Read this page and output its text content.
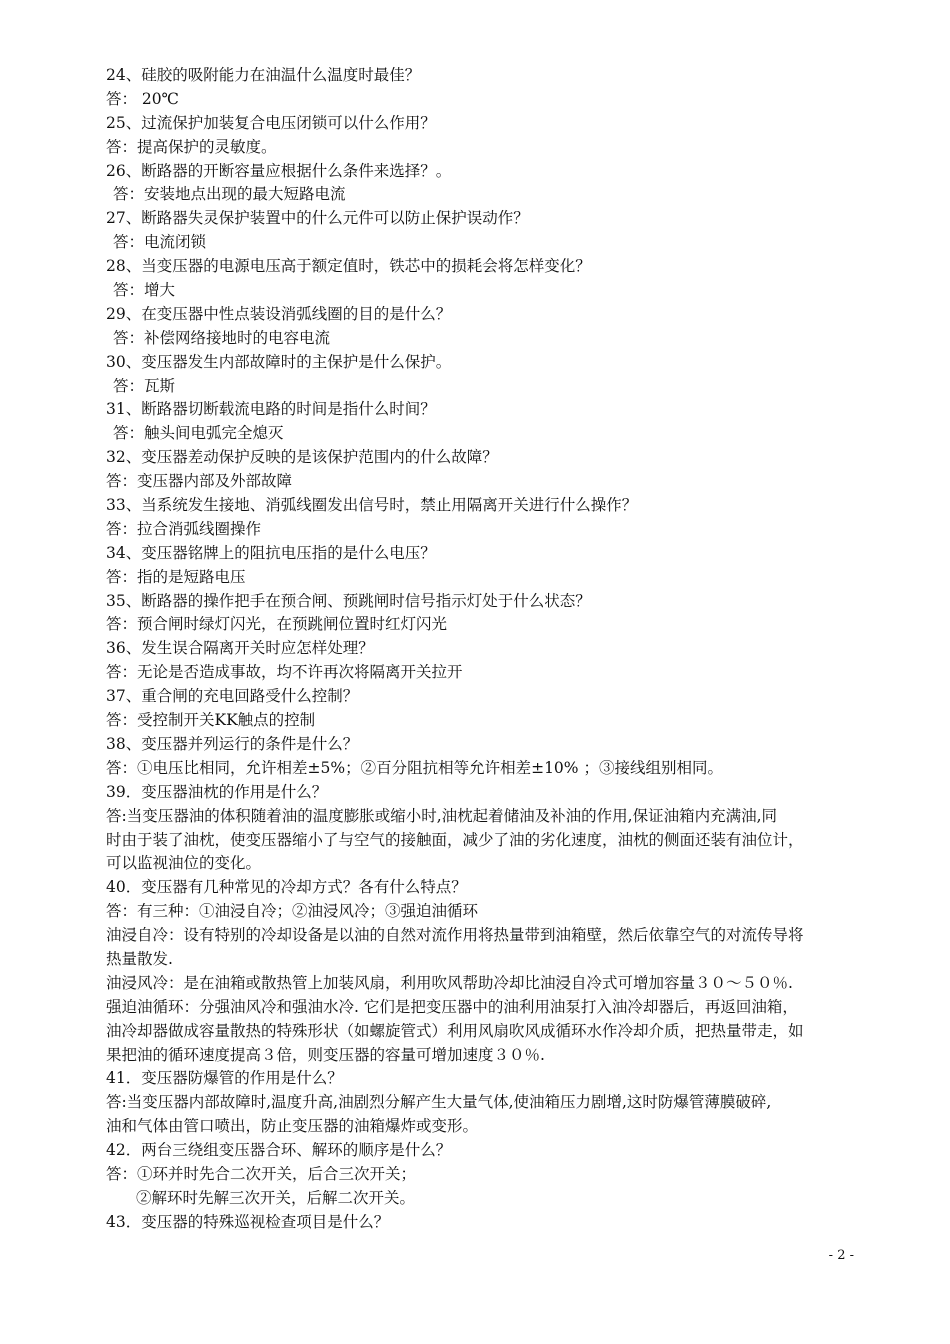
24、硅胶的吸附能力在油温什么温度时最佳？
答： 20℃
25、过流保护加装复合电压闭锁可以什么作用？
答：提高保护的灵敏度。
26、断路器的开断容量应根据什么条件来选择？。
答：安装地点出现的最大短路电流
27、断路器失灵保护装置中的什么元件可以防止保护误动作？
答：电流闭锁
28、当变压器的电源电压高于额定值时，铁芯中的损耗会将怎样变化？
答：增大
29、在变压器中性点装设消弧线圈的目的是什么？
答：补偿网络接地时的电容电流
30、变压器发生内部故障时的主保护是什么保护。
答：瓦斯
31、断路器切断载流电路的时间是指什么时间？
答：触头间电弧完全熄灭
32、变压器差动保护反映的是该保护范围内的什么故障？
答：变压器内部及外部故障
33、当系统发生接地、消弧线圈发出信号时，禁止用隔离开关进行什么操作？
答：拉合消弧线圈操作
34、变压器铭牌上的阻抗电压指的是什么电压？
答：指的是短路电压
35、断路器的操作把手在预合闸、预跳闸时信号指示灯处于什么状态？
答：预合闸时绿灯闪光，在预跳闸位置时红灯闪光
36、发生误合隔离开关时应怎样处理？
答：无论是否造成事故，均不许再次将隔离开关拉开
37、重合闸的充电回路受什么控制？
答：受控制开关KK触点的控制
38、变压器并列运行的条件是什么？
答：①电压比相同，允许相差±5%；②百分阻抗相等允许相差±10% ；③接线组别相同。
39．变压器油枕的作用是什么？
答:当变压器油的体积随着油的温度膨胀或缩小时,油枕起着储油及补油的作用,保证油箱内充满油,同
时由于装了油枕，使变压器缩小了与空气的接触面，减少了油的劣化速度，油枕的侧面还装有油位计，
可以监视油位的变化。
40．变压器有几种常见的冷却方式？各有什么特点？
答：有三种：①油浸自冷；②油浸风冷；③强迫油循环
油浸自冷：设有特别的冷却设备是以油的自然对流作用将热量带到油箱壁，然后依靠空气的对流传导将
热量散发.
油浸风冷：是在油箱或散热管上加装风扇，利用吹风帮助冷却比油浸自冷式可增加容量３０～５０％.
强迫油循环：分强油风冷和强油水冷. 它们是把变压器中的油利用油泵打入油冷却器后，再返回油箱，
油冷却器做成容量散热的特殊形状（如螺旋管式）利用风扇吹风成循环水作冷却介质，把热量带走，如
果把油的循环速度提高３倍，则变压器的容量可增加速度３０％.
41．变压器防爆管的作用是什么？
答:当变压器内部故障时,温度升高,油剧烈分解产生大量气体,使油箱压力剧增,这时防爆管薄膜破碎,
油和气体由管口喷出，防止变压器的油箱爆炸或变形。
42．两台三绕组变压器合环、解环的顺序是什么？
答：①环并时先合二次开关，后合三次开关；
②解环时先解三次开关，后解二次开关。
43．变压器的特殊巡视检查项目是什么？
- 2 -
